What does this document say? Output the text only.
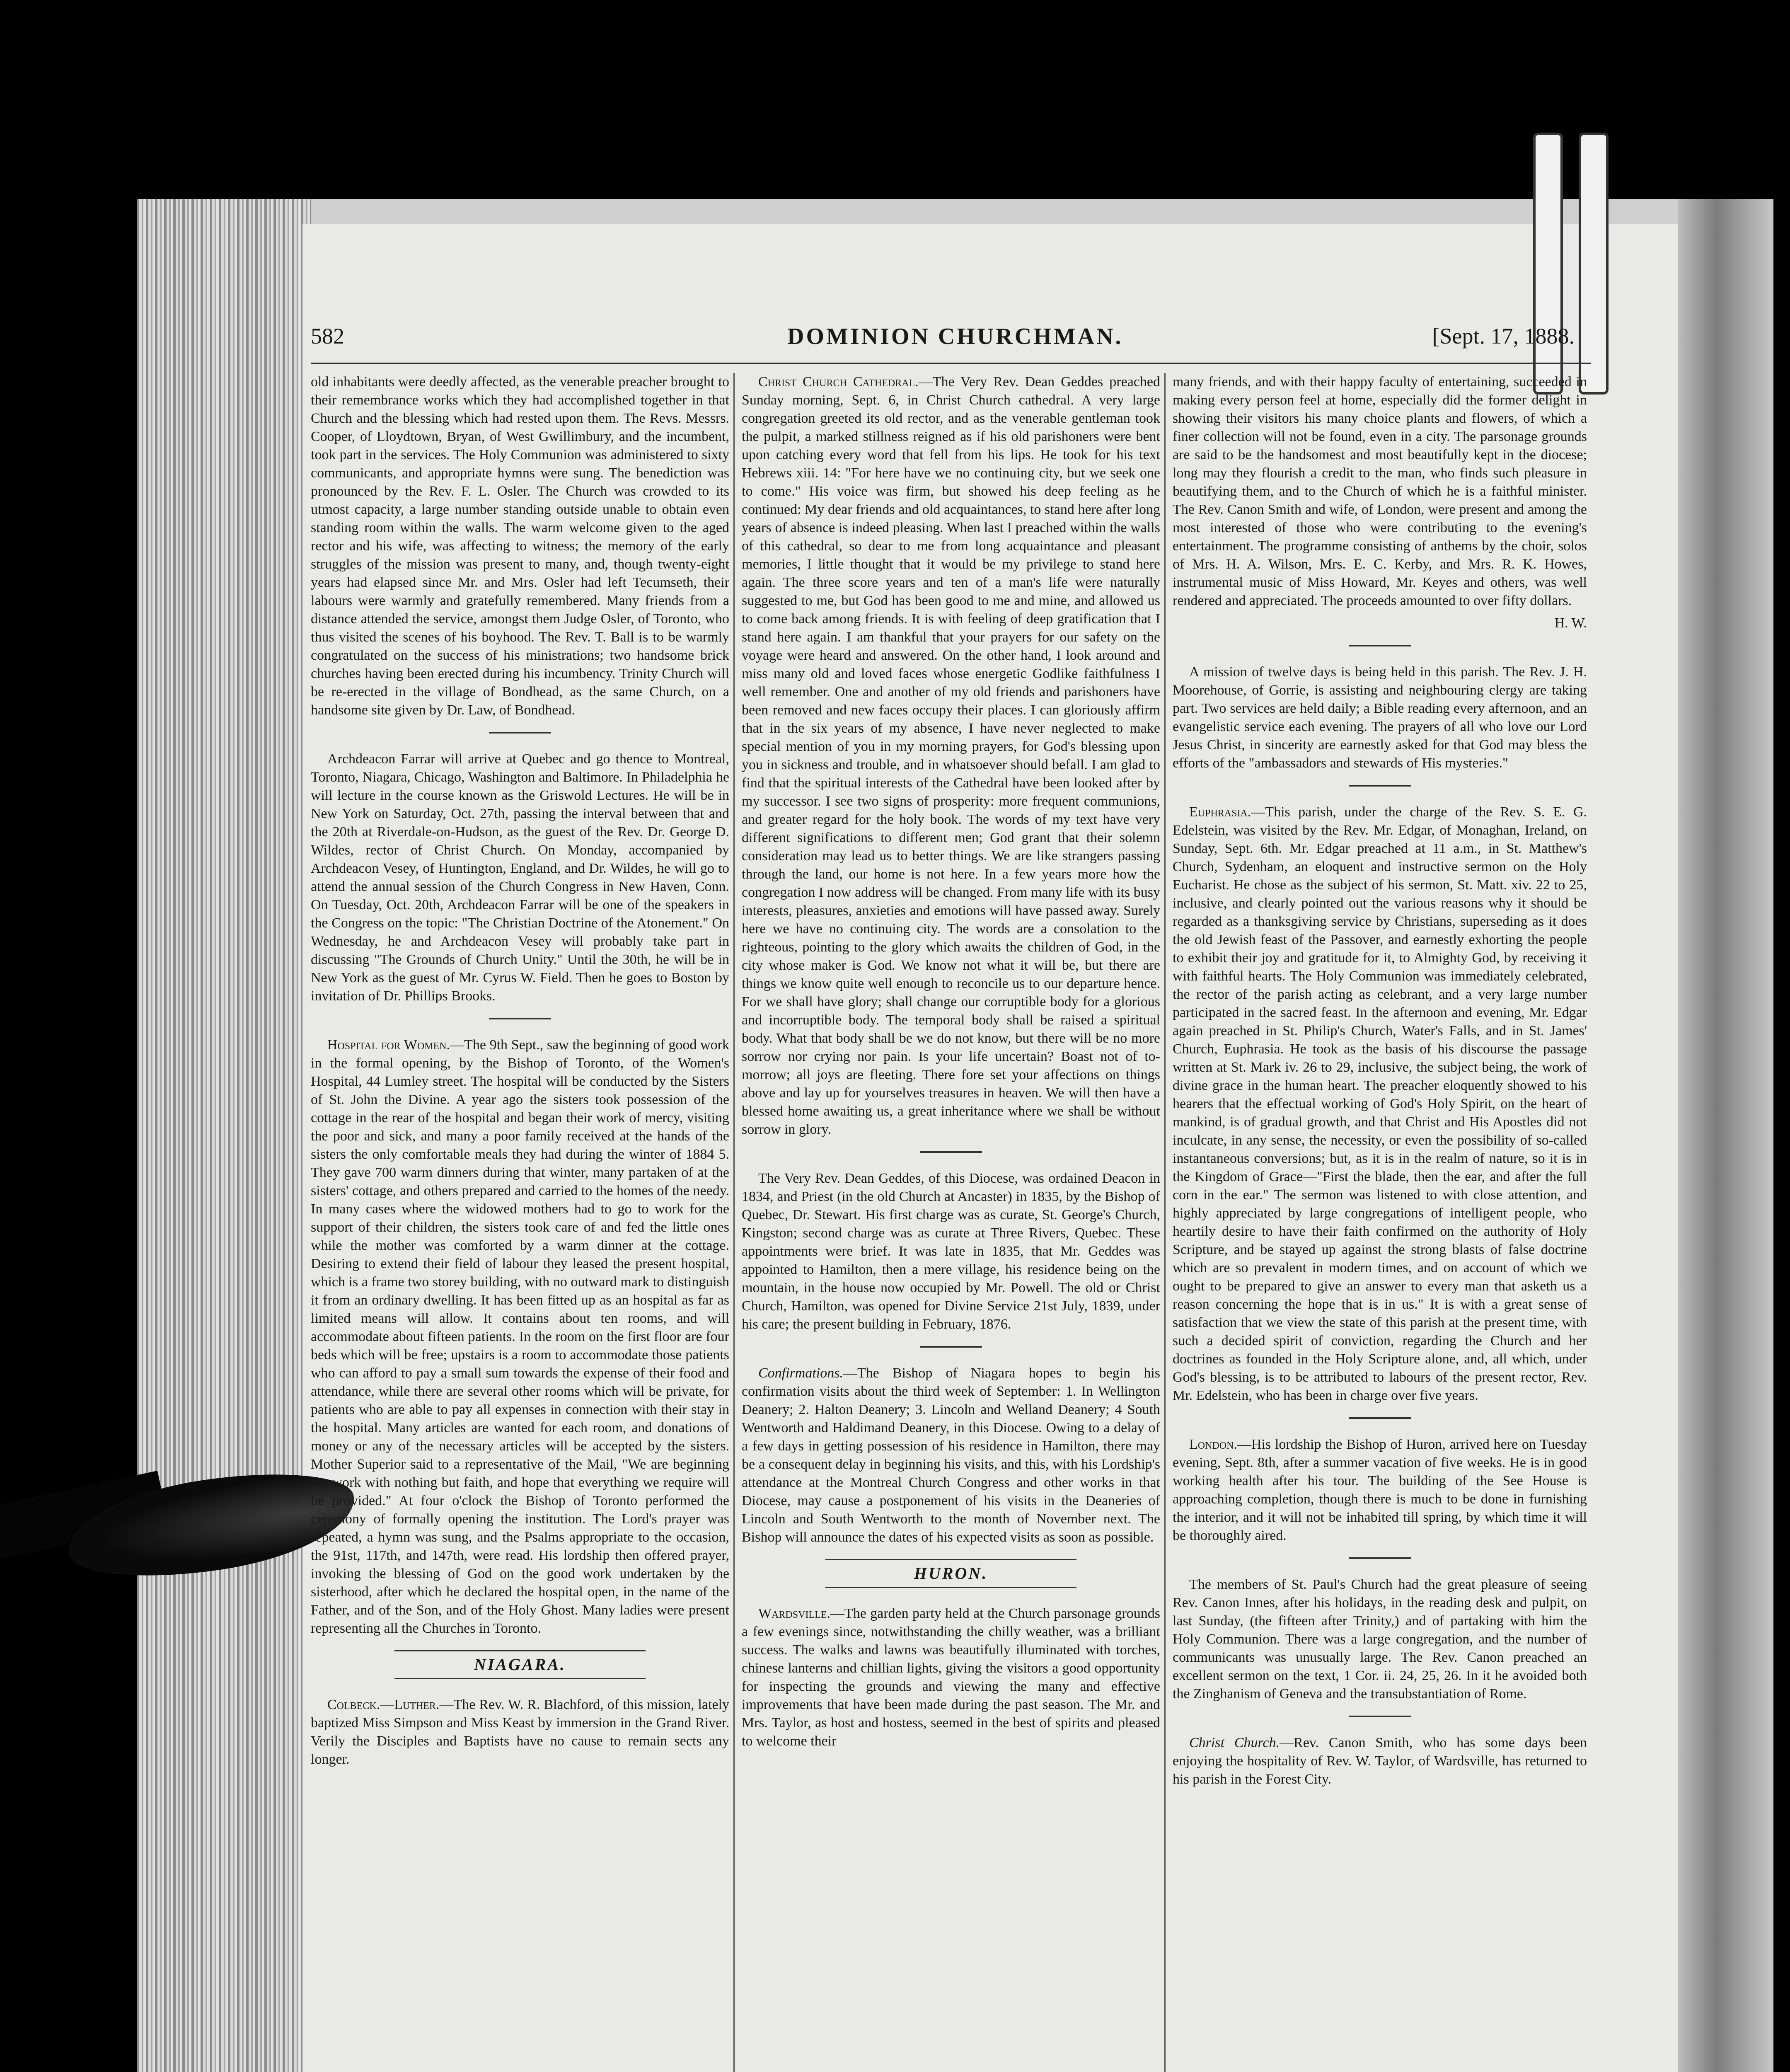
582	DOMINION CHURCHMAN.	[Sept. 17, 1888.

old inhabitants were deedly affected, as the venerable preacher brought to their remembrance works which they had accomplished together in that Church and the blessing which had rested upon them. The Revs. Messrs. Cooper, of Lloydtown, Bryan, of West Gwillimbury, and the incumbent, took part in the services. The Holy Communion was administered to sixty communicants, and appropriate hymns were sung. The benediction was pronounced by the Rev. F. L. Osler. The Church was crowded to its utmost capacity, a large number standing outside unable to obtain even standing room within the walls. The warm welcome given to the aged rector and his wife, was affecting to witness; the memory of the early struggles of the mission was present to many, and, though twenty-eight years had elapsed since Mr. and Mrs. Osler had left Tecumseth, their labours were warmly and gratefully remembered. Many friends from a distance attended the service, amongst them Judge Osler, of Toronto, who thus visited the scenes of his boyhood. The Rev. T. Ball is to be warmly congratulated on the success of his ministrations; two handsome brick churches having been erected during his incumbency. Trinity Church will be re-erected in the village of Bondhead, as the same Church, on a handsome site given by Dr. Law, of Bondhead.

Archdeacon Farrar will arrive at Quebec and go thence to Montreal, Toronto, Niagara, Chicago, Washington and Baltimore. In Philadelphia he will lecture in the course known as the Griswold Lectures. He will be in New York on Saturday, Oct. 27th, passing the interval between that and the 20th at Riverdale-on-Hudson, as the guest of the Rev. Dr. George D. Wildes, rector of Christ Church. On Monday, accompanied by Archdeacon Vesey, of Huntington, England, and Dr. Wildes, he will go to attend the annual session of the Church Congress in New Haven, Conn. On Tuesday, Oct. 20th, Archdeacon Farrar will be one of the speakers in the Congress on the topic: "The Christian Doctrine of the Atonement." On Wednesday, he and Archdeacon Vesey will probably take part in discussing "The Grounds of Church Unity." Until the 30th, he will be in New York as the guest of Mr. Cyrus W. Field. Then he goes to Boston by invitation of Dr. Phillips Brooks.

Hospital for Women.—The 9th Sept., saw the beginning of good work in the formal opening, by the Bishop of Toronto, of the Women's Hospital, 44 Lumley street. The hospital will be conducted by the Sisters of St. John the Divine. A year ago the sisters took possession of the cottage in the rear of the hospital and began their work of mercy, visiting the poor and sick, and many a poor family received at the hands of the sisters the only comfortable meals they had during the winter of 1884 5. They gave 700 warm dinners during that winter, many partaken of at the sisters' cottage, and others prepared and carried to the homes of the needy. In many cases where the widowed mothers had to go to work for the support of their children, the sisters took care of and fed the little ones while the mother was comforted by a warm dinner at the cottage. Desiring to extend their field of labour they leased the present hospital, which is a frame two storey building, with no outward mark to distinguish it from an ordinary dwelling. It has been fitted up as an hospital as far as limited means will allow. It contains about ten rooms, and will accommodate about fifteen patients. In the room on the first floor are four beds which will be free; upstairs is a room to accommodate those patients who can afford to pay a small sum towards the expense of their food and attendance, while there are several other rooms which will be private, for patients who are able to pay all expenses in connection with their stay in the hospital. Many articles are wanted for each room, and donations of money or any of the necessary articles will be accepted by the sisters. Mother Superior said to a representative of the Mail, "We are beginning the work with nothing but faith, and hope that everything we require will be provided." At four o'clock the Bishop of Toronto performed the ceremony of formally opening the institution. The Lord's prayer was repeated, a hymn was sung, and the Psalms appropriate to the occasion, the 91st, 117th, and 147th, were read. His lordship then offered prayer, invoking the blessing of God on the good work undertaken by the sisterhood, after which he declared the hospital open, in the name of the Father, and of the Son, and of the Holy Ghost. Many ladies were present representing all the Churches in Toronto.

NIAGARA.

Colbeck.—Luther.—The Rev. W. R. Blachford, of this mission, lately baptized Miss Simpson and Miss Keast by immersion in the Grand River. Verily the Disciples and Baptists have no cause to remain sects any longer.

Christ Church Cathedral.—The Very Rev. Dean Geddes preached Sunday morning, Sept. 6, in Christ Church cathedral. A very large congregation greeted its old rector, and as the venerable gentleman took the pulpit, a marked stillness reigned as if his old parishoners were bent upon catching every word that fell from his lips. He took for his text Hebrews xiii. 14: "For here have we no continuing city, but we seek one to come." His voice was firm, but showed his deep feeling as he continued: My dear friends and old acquaintances, to stand here after long years of absence is indeed pleasing. When last I preached within the walls of this cathedral, so dear to me from long acquaintance and pleasant memories, I little thought that it would be my privilege to stand here again. The three score years and ten of a man's life were naturally suggested to me, but God has been good to me and mine, and allowed us to come back among friends. It is with feeling of deep gratification that I stand here again. I am thankful that your prayers for our safety on the voyage were heard and answered. On the other hand, I look around and miss many old and loved faces whose energetic Godlike faithfulness I well remember. One and another of my old friends and parishoners have been removed and new faces occupy their places. I can gloriously affirm that in the six years of my absence, I have never neglected to make special mention of you in my morning prayers, for God's blessing upon you in sickness and trouble, and in whatsoever should befall. I am glad to find that the spiritual interests of the Cathedral have been looked after by my successor. I see two signs of prosperity: more frequent communions, and greater regard for the holy book. The words of my text have very different significations to different men; God grant that their solemn consideration may lead us to better things. We are like strangers passing through the land, our home is not here. In a few years more how the congregation I now address will be changed. From many life with its busy interests, pleasures, anxieties and emotions will have passed away. Surely here we have no continuing city. The words are a consolation to the righteous, pointing to the glory which awaits the children of God, in the city whose maker is God. We know not what it will be, but there are things we know quite well enough to reconcile us to our departure hence. For we shall have glory; shall change our corruptible body for a glorious and incorruptible body. The temporal body shall be raised a spiritual body. What that body shall be we do not know, but there will be no more sorrow nor crying nor pain. Is your life uncertain? Boast not of to-morrow; all joys are fleeting. There fore set your affections on things above and lay up for yourselves treasures in heaven. We will then have a blessed home awaiting us, a great inheritance where we shall be without sorrow in glory.

The Very Rev. Dean Geddes, of this Diocese, was ordained Deacon in 1834, and Priest (in the old Church at Ancaster) in 1835, by the Bishop of Quebec, Dr. Stewart. His first charge was as curate, St. George's Church, Kingston; second charge was as curate at Three Rivers, Quebec. These appointments were brief. It was late in 1835, that Mr. Geddes was appointed to Hamilton, then a mere village, his residence being on the mountain, in the house now occupied by Mr. Powell. The old or Christ Church, Hamilton, was opened for Divine Service 21st July, 1839, under his care; the present building in February, 1876.

Confirmations.—The Bishop of Niagara hopes to begin his confirmation visits about the third week of September: 1. In Wellington Deanery; 2. Halton Deanery; 3. Lincoln and Welland Deanery; 4 South Wentworth and Haldimand Deanery, in this Diocese. Owing to a delay of a few days in getting possession of his residence in Hamilton, there may be a consequent delay in beginning his visits, and this, with his Lordship's attendance at the Montreal Church Congress and other works in that Diocese, may cause a postponement of his visits in the Deaneries of Lincoln and South Wentworth to the month of November next. The Bishop will announce the dates of his expected visits as soon as possible.

HURON.

Wardsville.—The garden party held at the Church parsonage grounds a few evenings since, notwithstanding the chilly weather, was a brilliant success. The walks and lawns was beautifully illuminated with torches, chinese lanterns and chillian lights, giving the visitors a good opportunity for inspecting the grounds and viewing the many and effective improvements that have been made during the past season. The Mr. and Mrs. Taylor, as host and hostess, seemed in the best of spirits and pleased to welcome their

many friends, and with their happy faculty of entertaining, succeeded in making every person feel at home, especially did the former delight in showing their visitors his many choice plants and flowers, of which a finer collection will not be found, even in a city. The parsonage grounds are said to be the handsomest and most beautifully kept in the diocese; long may they flourish a credit to the man, who finds such pleasure in beautifying them, and to the Church of which he is a faithful minister. The Rev. Canon Smith and wife, of London, were present and among the most interested of those who were contributing to the evening's entertainment. The programme consisting of anthems by the choir, solos of Mrs. H. A. Wilson, Mrs. E. C. Kerby, and Mrs. R. K. Howes, instrumental music of Miss Howard, Mr. Keyes and others, was well rendered and appreciated. The proceeds amounted to over fifty dollars.

H. W.

A mission of twelve days is being held in this parish. The Rev. J. H. Moorehouse, of Gorrie, is assisting and neighbouring clergy are taking part. Two services are held daily; a Bible reading every afternoon, and an evangelistic service each evening. The prayers of all who love our Lord Jesus Christ, in sincerity are earnestly asked for that God may bless the efforts of the "ambassadors and stewards of His mysteries."

Euphrasia.—This parish, under the charge of the Rev. S. E. G. Edelstein, was visited by the Rev. Mr. Edgar, of Monaghan, Ireland, on Sunday, Sept. 6th. Mr. Edgar preached at 11 a.m., in St. Matthew's Church, Sydenham, an eloquent and instructive sermon on the Holy Eucharist. He chose as the subject of his sermon, St. Matt. xiv. 22 to 25, inclusive, and clearly pointed out the various reasons why it should be regarded as a thanksgiving service by Christians, superseding as it does the old Jewish feast of the Passover, and earnestly exhorting the people to exhibit their joy and gratitude for it, to Almighty God, by receiving it with faithful hearts. The Holy Communion was immediately celebrated, the rector of the parish acting as celebrant, and a very large number participated in the sacred feast. In the afternoon and evening, Mr. Edgar again preached in St. Philip's Church, Water's Falls, and in St. James' Church, Euphrasia. He took as the basis of his discourse the passage written at St. Mark iv. 26 to 29, inclusive, the subject being, the work of divine grace in the human heart. The preacher eloquently showed to his hearers that the effectual working of God's Holy Spirit, on the heart of mankind, is of gradual growth, and that Christ and His Apostles did not inculcate, in any sense, the necessity, or even the possibility of so-called instantaneous conversions; but, as it is in the realm of nature, so it is in the Kingdom of Grace—"First the blade, then the ear, and after the full corn in the ear." The sermon was listened to with close attention, and highly appreciated by large congregations of intelligent people, who heartily desire to have their faith confirmed on the authority of Holy Scripture, and be stayed up against the strong blasts of false doctrine which are so prevalent in modern times, and on account of which we ought to be prepared to give an answer to every man that asketh us a reason concerning the hope that is in us." It is with a great sense of satisfaction that we view the state of this parish at the present time, with such a decided spirit of conviction, regarding the Church and her doctrines as founded in the Holy Scripture alone, and, all which, under God's blessing, is to be attributed to labours of the present rector, Rev. Mr. Edelstein, who has been in charge over five years.

London.—His lordship the Bishop of Huron, arrived here on Tuesday evening, Sept. 8th, after a summer vacation of five weeks. He is in good working health after his tour. The building of the See House is approaching completion, though there is much to be done in furnishing the interior, and it will not be inhabited till spring, by which time it will be thoroughly aired.

The members of St. Paul's Church had the great pleasure of seeing Rev. Canon Innes, after his holidays, in the reading desk and pulpit, on last Sunday, (the fifteen after Trinity,) and of partaking with him the Holy Communion. There was a large congregation, and the number of communicants was unusually large. The Rev. Canon preached an excellent sermon on the text, 1 Cor. ii. 24, 25, 26. In it he avoided both the Zinghanism of Geneva and the transubstantiation of Rome.

Christ Church.—Rev. Canon Smith, who has some days been enjoying the hospitality of Rev. W. Taylor, of Wardsville, has returned to his parish in the Forest City.
